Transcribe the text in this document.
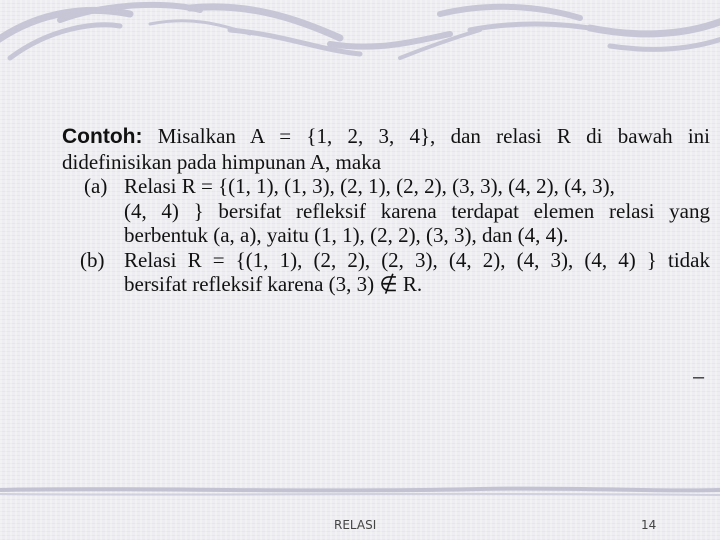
Contoh: Misalkan A = {1, 2, 3, 4}, dan relasi R di bawah ini
didefinisikan pada himpunan A, maka
(a) Relasi R = {(1, 1), (1, 3), (2, 1), (2, 2), (3, 3), (4, 2), (4, 3),
(4, 4) } bersifat refleksif karena terdapat elemen relasi yang
berbentuk (a, a), yaitu (1, 1), (2, 2), (3, 3), dan (4, 4).
(b) Relasi R = {(1, 1), (2, 2), (2, 3), (4, 2), (4, 3), (4, 4) } tidak
bersifat refleksif karena (3, 3) ∉ R.
–
RELASI	14
